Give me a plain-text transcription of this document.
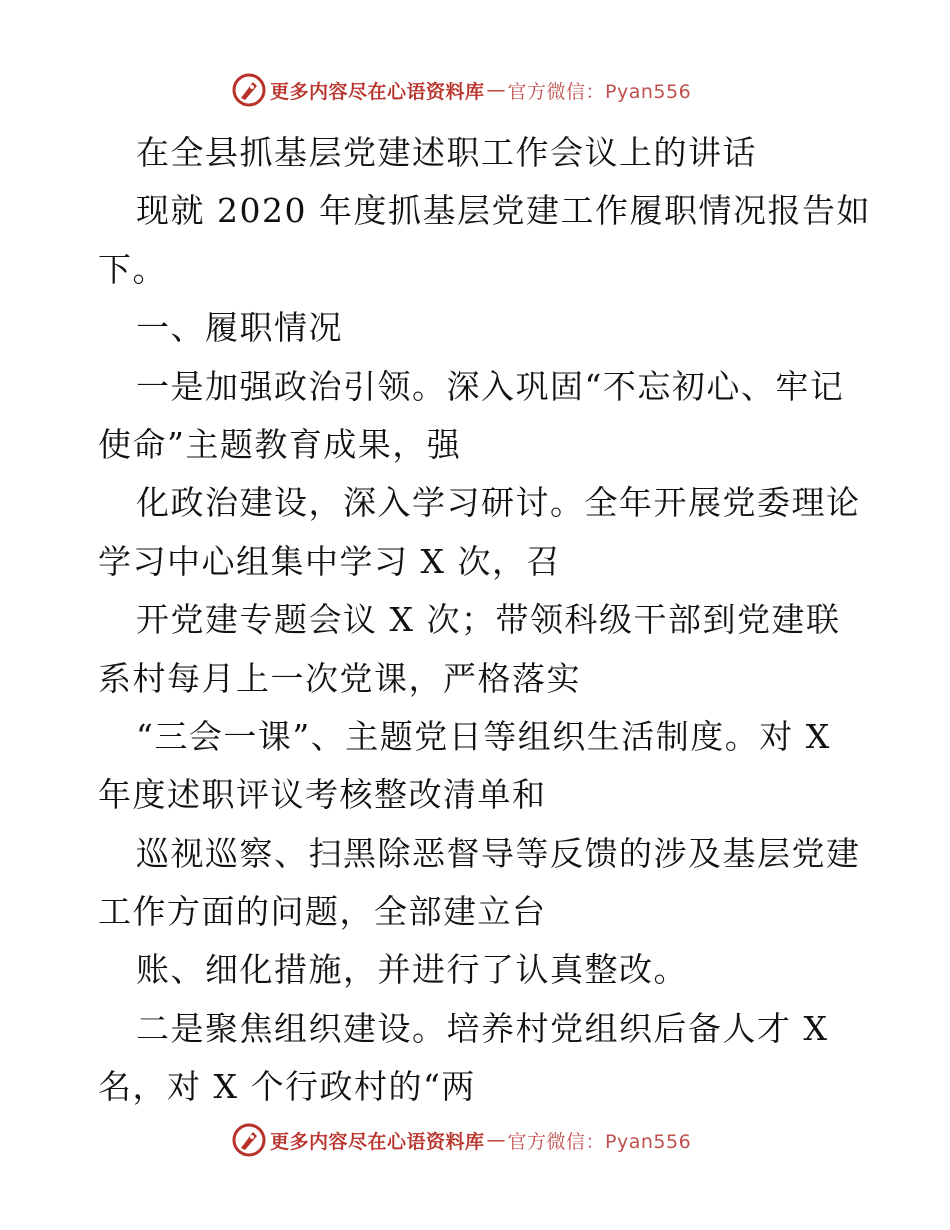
更多内容尽在心语资料库 — 官方微信：Pyan556
在全县抓基层党建述职工作会议上的讲话
现就 2020 年度抓基层党建工作履职情况报告如
下。
一、履职情况
一是加强政治引领。深入巩固“不忘初心、牢记
使命”主题教育成果，强
化政治建设，深入学习研讨。全年开展党委理论
学习中心组集中学习 X 次，召
开党建专题会议 X 次；带领科级干部到党建联
系村每月上一次党课，严格落实
“三会一课”、主题党日等组织生活制度。对 X
年度述职评议考核整改清单和
巡视巡察、扫黑除恶督导等反馈的涉及基层党建
工作方面的问题，全部建立台
账、细化措施，并进行了认真整改。
二是聚焦组织建设。培养村党组织后备人才 X
名，对 X 个行政村的“两
更多内容尽在心语资料库 — 官方微信：Pyan556
